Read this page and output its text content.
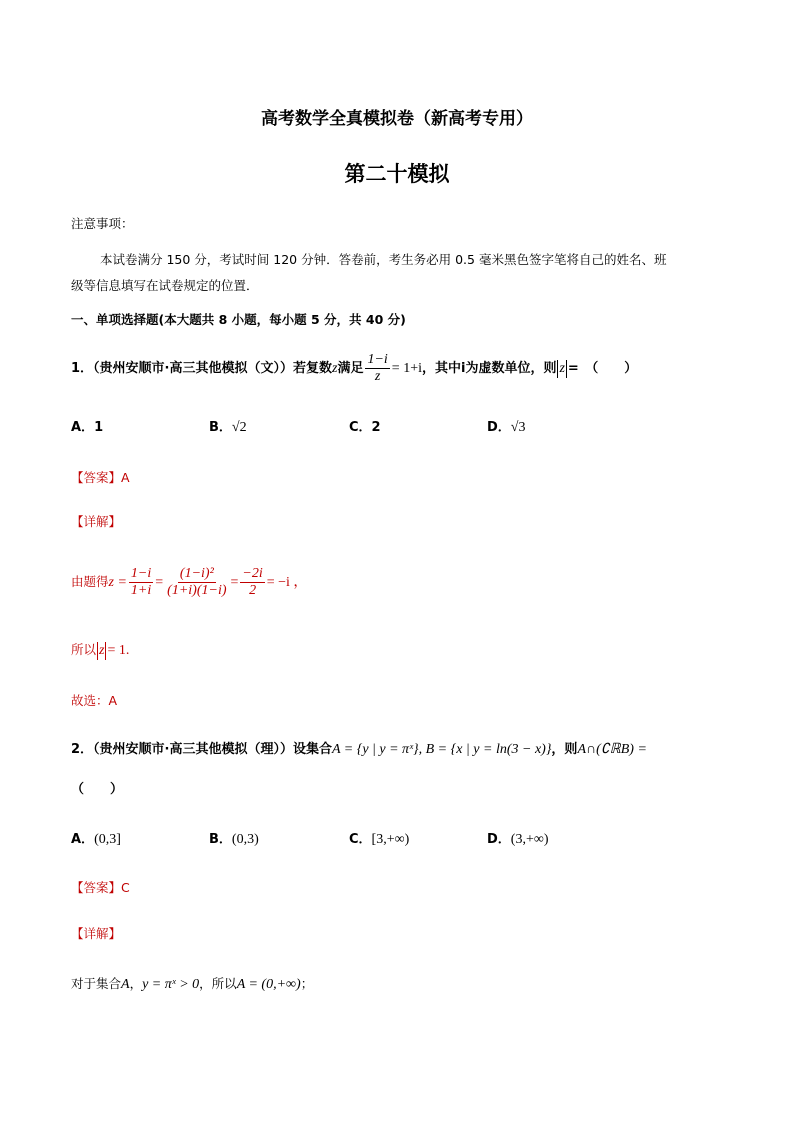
高考数学全真模拟卷（新高考专用）
第二十模拟
注意事项：
本试卷满分 150 分，考试时间 120 分钟．答卷前，考生务必用 0.5 毫米黑色签字笔将自己的姓名、班
级等信息填写在试卷规定的位置．
一、单项选择题(本大题共 8 小题，每小题 5 分，共 40 分)
1．（贵州安顺市·高三其他模拟（文））若复数z满足 $\frac{1-i}{z} = 1+i$，其中i为虚数单位，则 z =　（　　）
A．1	B．√2	C．2	D．√3
【答案】A
【详解】
由题得$z = \frac{1-i}{1+i} = \frac{\text{(1−i)²}}{(1+i)(1-i)} = \frac{-2i}{2} = -i$ ，
所以 z = 1.
故选：A
2．（贵州安顺市·高三其他模拟（理））设集合A = {y | y = πˣ}, B = {x | y = ln(3 − x)}，则A∩(∁ℝB) =
（　　）
A．(0,3]	B．(0,3)	C．[3,+∞)	D．(3,+∞)
【答案】C
【详解】
对于集合A，y = πˣ > 0，所以A = (0,+∞)；
